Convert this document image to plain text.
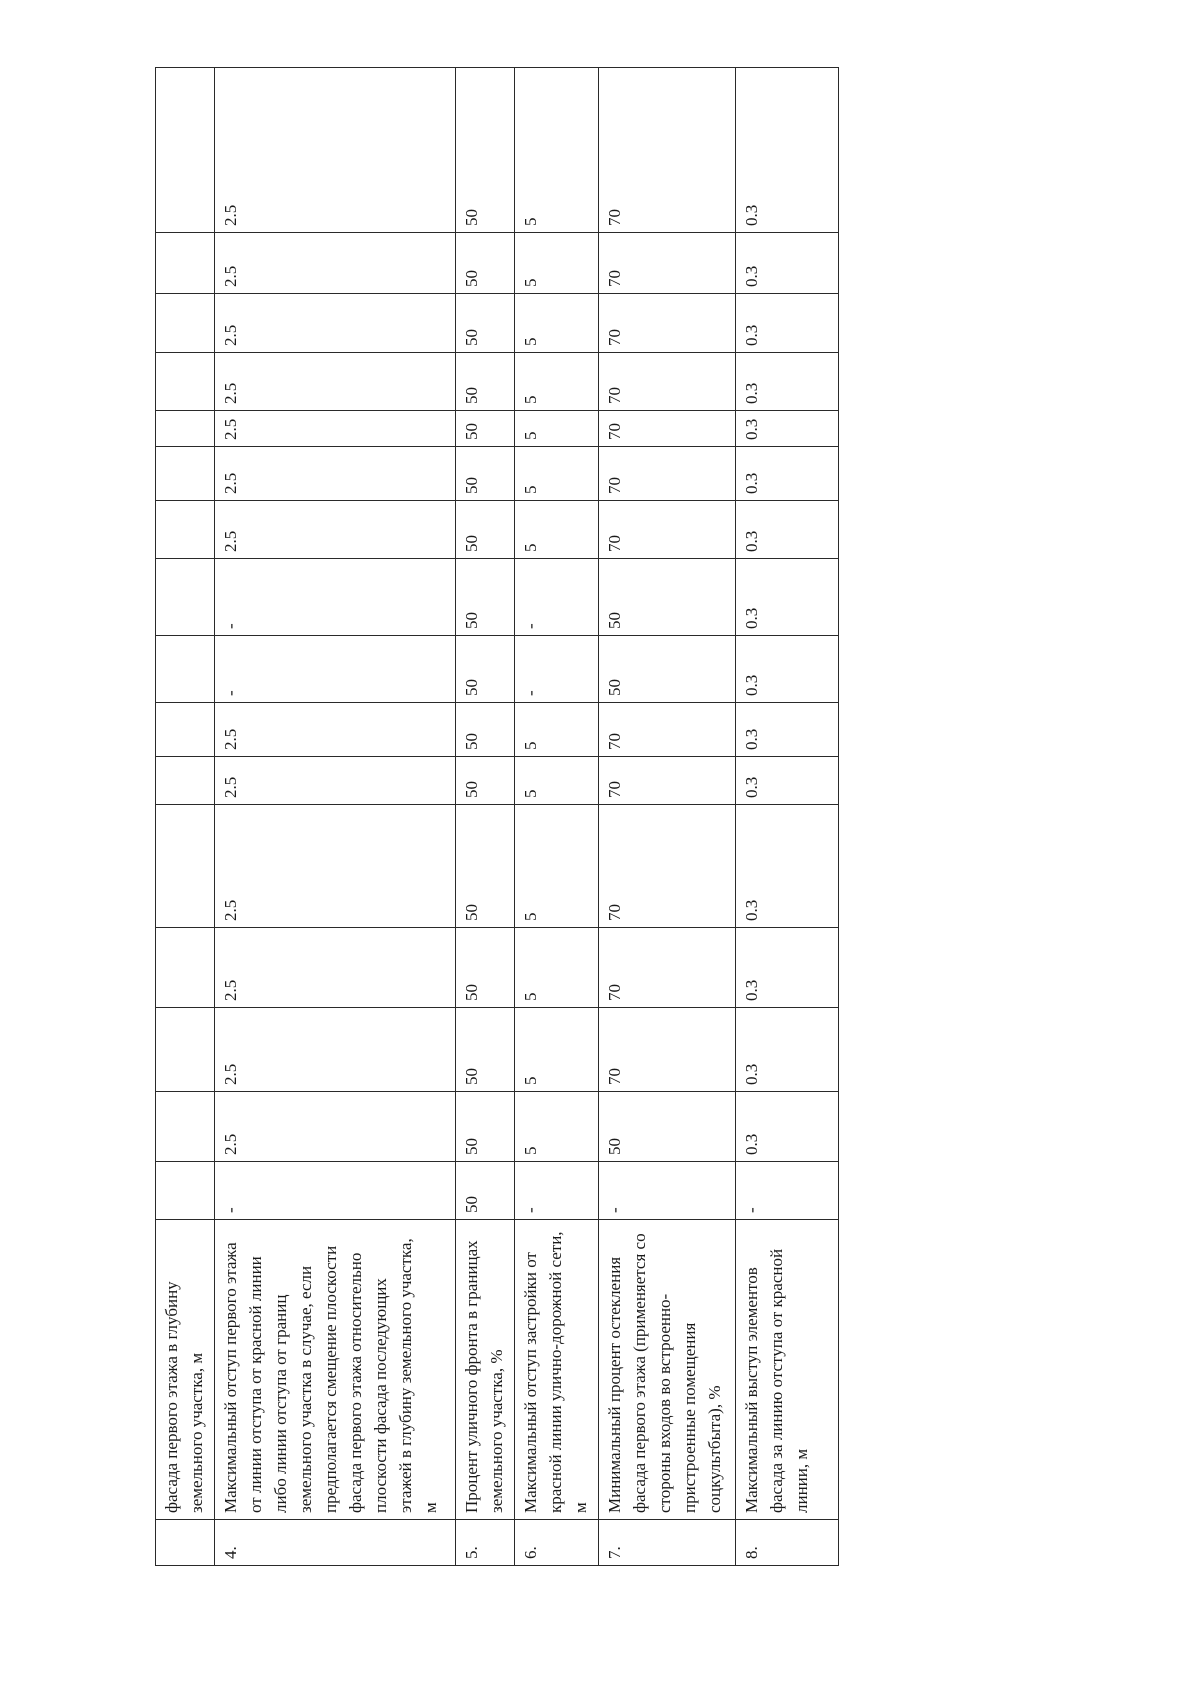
	фасада первого этажа в глубину земельного участка, м																	
4.	Максимальный отступ первого этажа от линии отступа от красной линии либо линии отступа от границ земельного участка в случае, если предполагается смещение плоскости фасада первого этажа относительно плоскости фасада последующих этажей в глубину земельного участка, м	-	2.5	2.5	2.5	2.5	2.5	2.5	-	-	2.5	2.5	2.5	2.5	2.5	2.5	2.5	
5.	Процент уличного фронта в границах земельного участка, %	50	50	50	50	50	50	50	50	50	50	50	50	50	50	50	50	
6.	Максимальный отступ застройки от красной линии улично-дорожной сети, м	-	5	5	5	5	5	5	-	-	5	5	5	5	5	5	5	
7.	Минимальный процент остекления фасада первого этажа (применяется со стороны входов во встроенно-пристроенные помещения соцкультбыта), %	-	50	70	70	70	70	70	50	50	70	70	70	70	70	70	70	
8.	Максимальный выступ элементов фасада за линию отступа от красной линии, м	-	0.3	0.3	0.3	0.3	0.3	0.3	0.3	0.3	0.3	0.3	0.3	0.3	0.3	0.3	0.3	
